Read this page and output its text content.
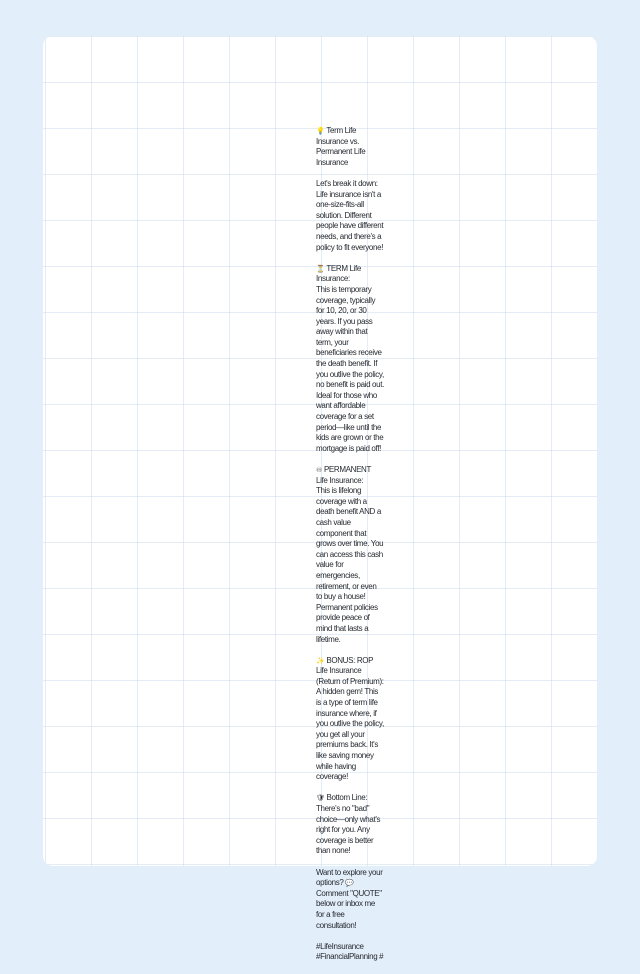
💡 Term Life Insurance vs. Permanent Life Insurance

Let's break it down: Life insurance isn't a one-size-fits-all solution. Different people have different needs, and there's a policy to fit everyone!

⏳ TERM Life Insurance:
This is temporary coverage, typically for 10, 20, or 30 years. If you pass away within that term, your beneficiaries receive the death benefit. If you outlive the policy, no benefit is paid out. Ideal for those who want affordable coverage for a set period—like until the kids are grown or the mortgage is paid off!

♾ PERMANENT Life Insurance:
This is lifelong coverage with a death benefit AND a cash value component that grows over time. You can access this cash value for emergencies, retirement, or even to buy a house! Permanent policies provide peace of mind that lasts a lifetime.

✨ BONUS: ROP Life Insurance (Return of Premium):
A hidden gem! This is a type of term life insurance where, if you outlive the policy, you get all your premiums back. It's like saving money while having coverage!

🛡 Bottom Line: There's no "bad" choice—only what's right for you. Any coverage is better than none!

Want to explore your options? 💬Comment "QUOTE" below or inbox me for a free consultation!

#LifeInsurance #FinancialPlanning #
